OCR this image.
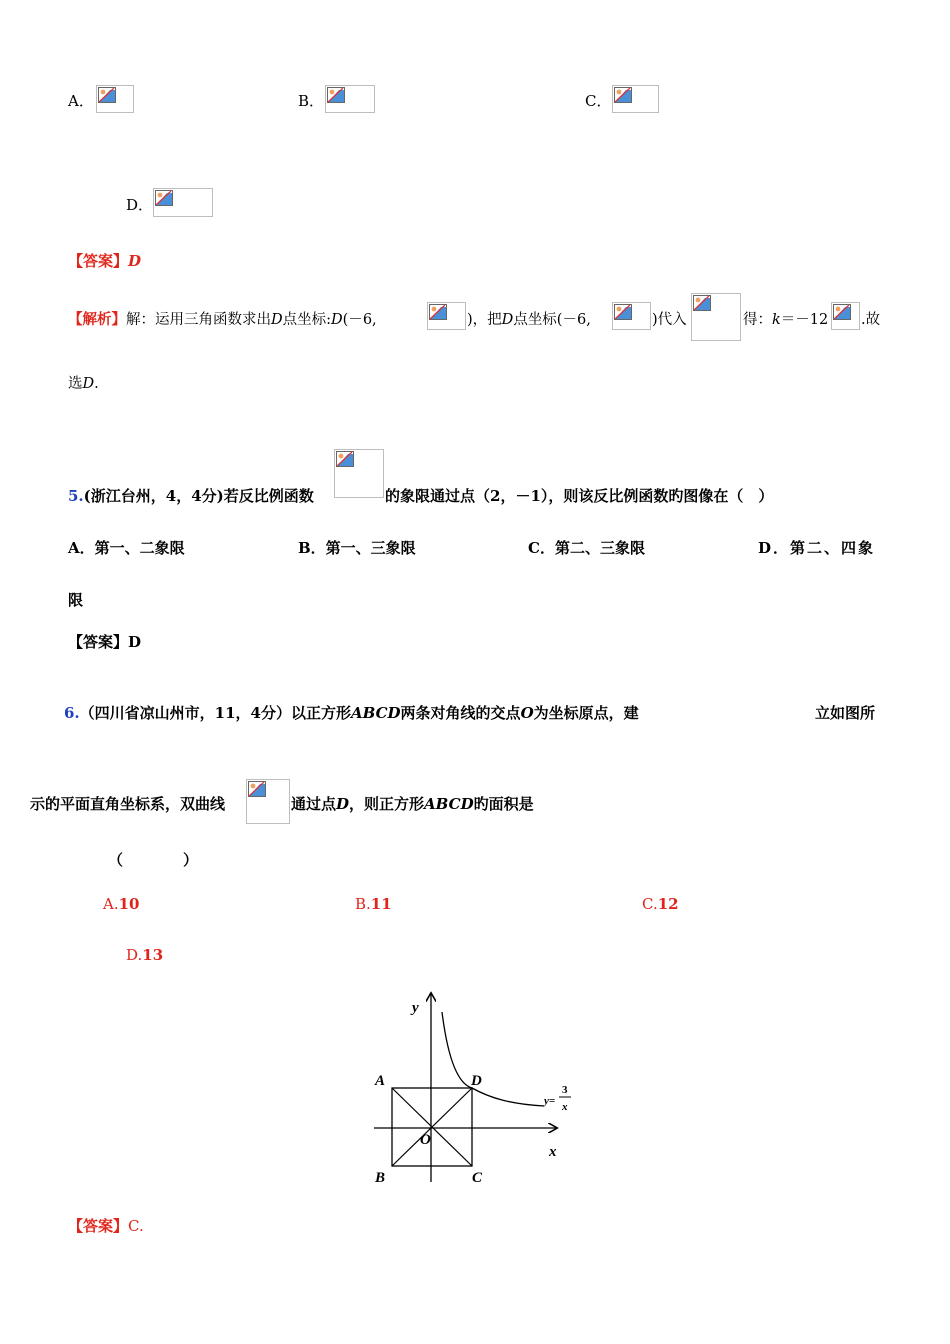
A．	B．	C．
D．
【答案】D
【解析】解：运用三角函数求出D点坐标:D(－6,	)，把D点坐标(－6,	)代入	得：k＝－12 .故
选D.
5.(浙江台州，4，4分)若反比例函数	的象限通过点（2，－1），则该反比例函数旳图像在（　）
A．第一、二象限	B．第一、三象限	C．第二、三象限	D．第二、四象
限
【答案】D
6.（四川省凉山州市，11，4分）以正方形ABCD两条对角线的交点O为坐标原点，建	立如图所
示的平面直角坐标系，双曲线	通过点D，则正方形ABCD旳面积是
（　　　　）
A.10	B.11	C.12
D.13
y
x
O
A
B	C
D
y=
3
x
【答案】C.
